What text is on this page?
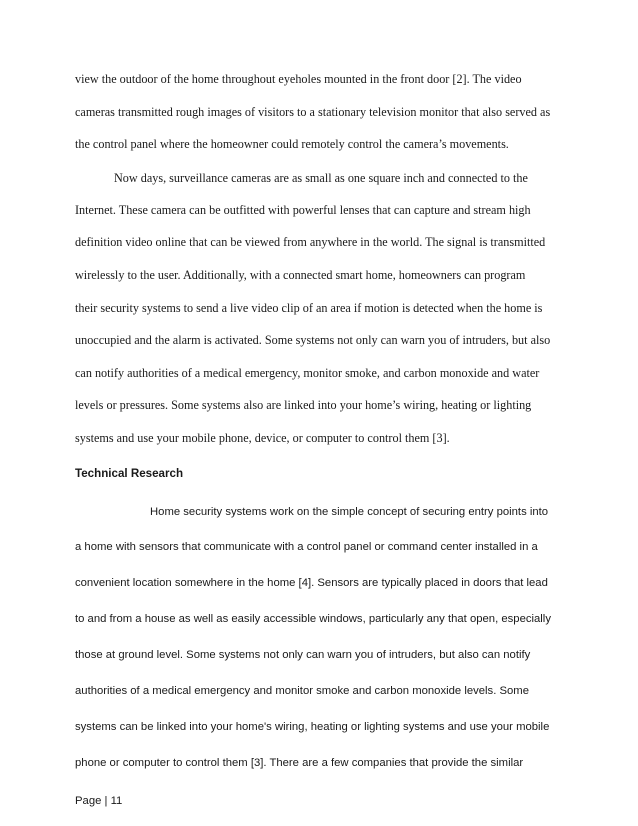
view the outdoor of the home throughout eyeholes mounted in the front door [2]. The video
cameras transmitted rough images of visitors to a stationary television monitor that also served as
the control panel where the homeowner could remotely control the camera’s movements.
Now days, surveillance cameras are as small as one square inch and connected to the
Internet. These camera can be outfitted with powerful lenses that can capture and stream high
definition video online that can be viewed from anywhere in the world. The signal is transmitted
wirelessly to the user. Additionally, with a connected smart home, homeowners can program
their security systems to send a live video clip of an area if motion is detected when the home is
unoccupied and the alarm is activated. Some systems not only can warn you of intruders, but also
can notify authorities of a medical emergency, monitor smoke, and carbon monoxide and water
levels or pressures. Some systems also are linked into your home’s wiring, heating or lighting
systems and use your mobile phone, device, or computer to control them [3].
Technical Research
Home security systems work on the simple concept of securing entry points into
a home with sensors that communicate with a control panel or command center installed in a
convenient location somewhere in the home [4]. Sensors are typically placed in doors that lead
to and from a house as well as easily accessible windows, particularly any that open, especially
those at ground level. Some systems not only can warn you of intruders, but also can notify
authorities of a medical emergency and monitor smoke and carbon monoxide levels. Some
systems can be linked into your home's wiring, heating or lighting systems and use your mobile
phone or computer to control them [3]. There are a few companies that provide the similar
Page | 11
